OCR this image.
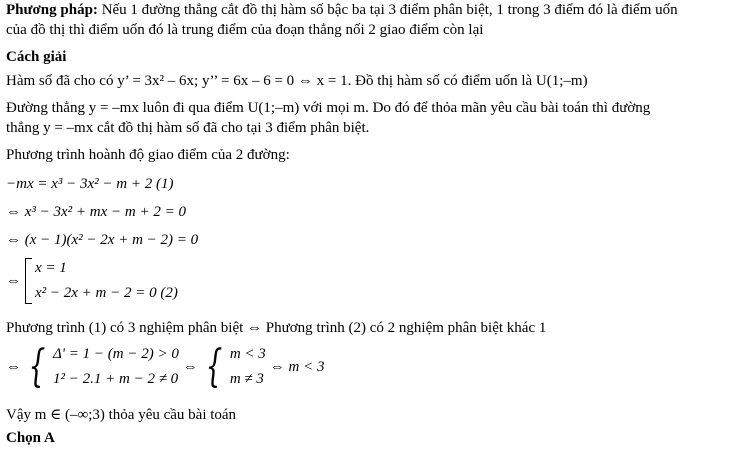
Phương pháp: Nếu 1 đường thẳng cắt đồ thị hàm số bậc ba tại 3 điểm phân biệt, 1 trong 3 điểm đó là điểm uốn
của đồ thị thì điểm uốn đó là trung điểm của đoạn thẳng nối 2 giao điểm còn lại
Cách giải
Hàm số đã cho có y’ = 3x² – 6x; y’’ = 6x – 6 = 0 ⇔ x = 1. Đồ thị hàm số có điểm uốn là U(1;–m)
Đường thẳng y = –mx luôn đi qua điểm U(1;–m) với mọi m. Do đó để thỏa mãn yêu cầu bài toán thì đường
thẳng y = –mx cắt đồ thị hàm số đã cho tại 3 điểm phân biệt.
Phương trình hoành độ giao điểm của 2 đường:
−mx = x³ − 3x² − m + 2 (1)
⇔ x³ − 3x² + mx − m + 2 = 0
⇔ (x − 1)(x² − 2x + m − 2) = 0
⇔
x = 1
x² − 2x + m − 2 = 0 (2)
Phương trình (1) có 3 nghiệm phân biệt ⇔ Phương trình (2) có 2 nghiệm phân biệt khác 1
⇔ { Δ' = 1 − (m − 2) > 0
1² − 2.1 + m − 2 ≠ 0
⇔ { m < 3
m ≠ 3
⇔ m < 3
Vậy m ∈ (–∞;3) thỏa yêu cầu bài toán
Chọn A
